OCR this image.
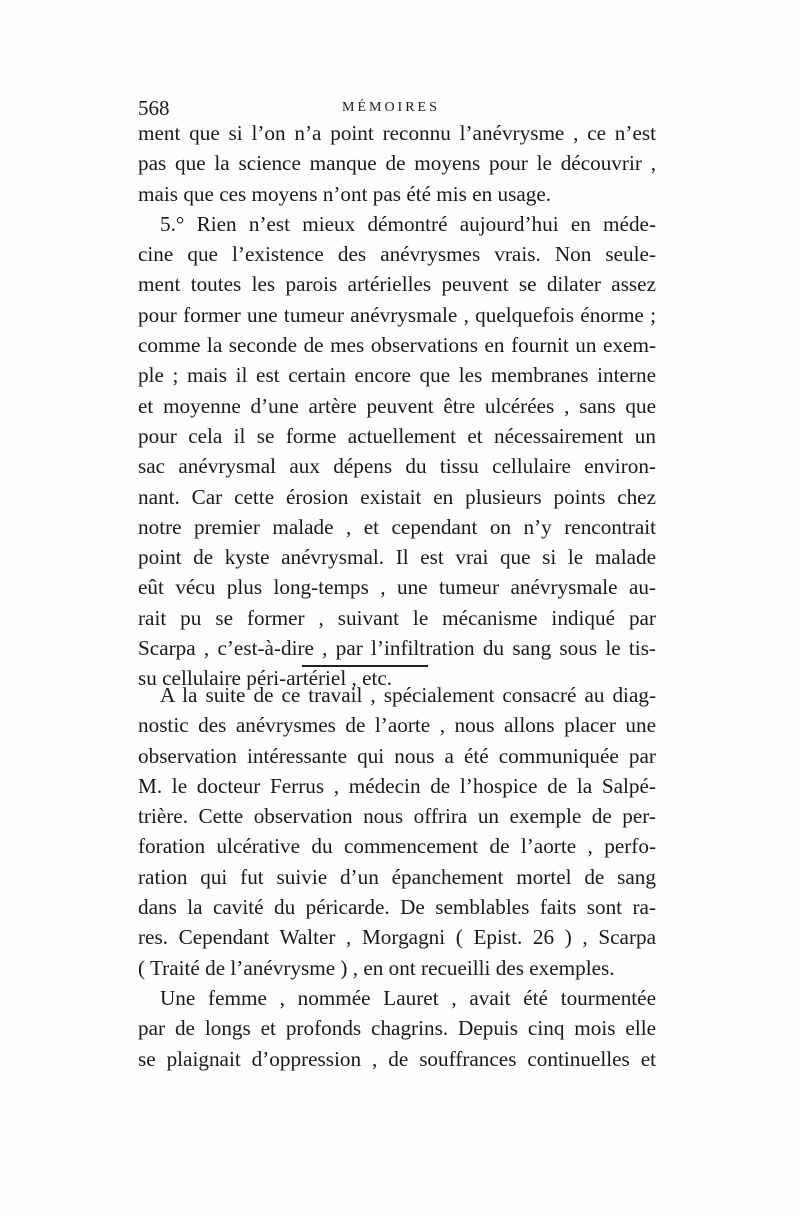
568	MÉMOIRES
ment que si l’on n’a point reconnu l’anévrysme , ce n’est
pas que la science manque de moyens pour le découvrir ,
mais que ces moyens n’ont pas été mis en usage.
5.° Rien n’est mieux démontré aujourd’hui en méde-
cine que l’existence des anévrysmes vrais. Non seule-
ment toutes les parois artérielles peuvent se dilater assez
pour former une tumeur anévrysmale , quelquefois énorme ;
comme la seconde de mes observations en fournit un exem-
ple ; mais il est certain encore que les membranes interne
et moyenne d’une artère peuvent être ulcérées , sans que
pour cela il se forme actuellement et nécessairement un
sac anévrysmal aux dépens du tissu cellulaire environ-
nant. Car cette érosion existait en plusieurs points chez
notre premier malade , et cependant on n’y rencontrait
point de kyste anévrysmal. Il est vrai que si le malade
eût vécu plus long-temps , une tumeur anévrysmale au-
rait pu se former , suivant le mécanisme indiqué par
Scarpa , c’est-à-dire , par l’infiltration du sang sous le tis-
su cellulaire péri-artériel , etc.
A la suite de ce travail , spécialement consacré au diag-
nostic des anévrysmes de l’aorte , nous allons placer une
observation intéressante qui nous a été communiquée par
M. le docteur Ferrus , médecin de l’hospice de la Salpé-
trière. Cette observation nous offrira un exemple de per-
foration ulcérative du commencement de l’aorte , perfo-
ration qui fut suivie d’un épanchement mortel de sang
dans la cavité du péricarde. De semblables faits sont ra-
res. Cependant Walter , Morgagni ( Epist. 26 ) , Scarpa
( Traité de l’anévrysme ) , en ont recueilli des exemples.
Une femme , nommée Lauret , avait été tourmentée
par de longs et profonds chagrins. Depuis cinq mois elle
se plaignait d’oppression , de souffrances continuelles et
